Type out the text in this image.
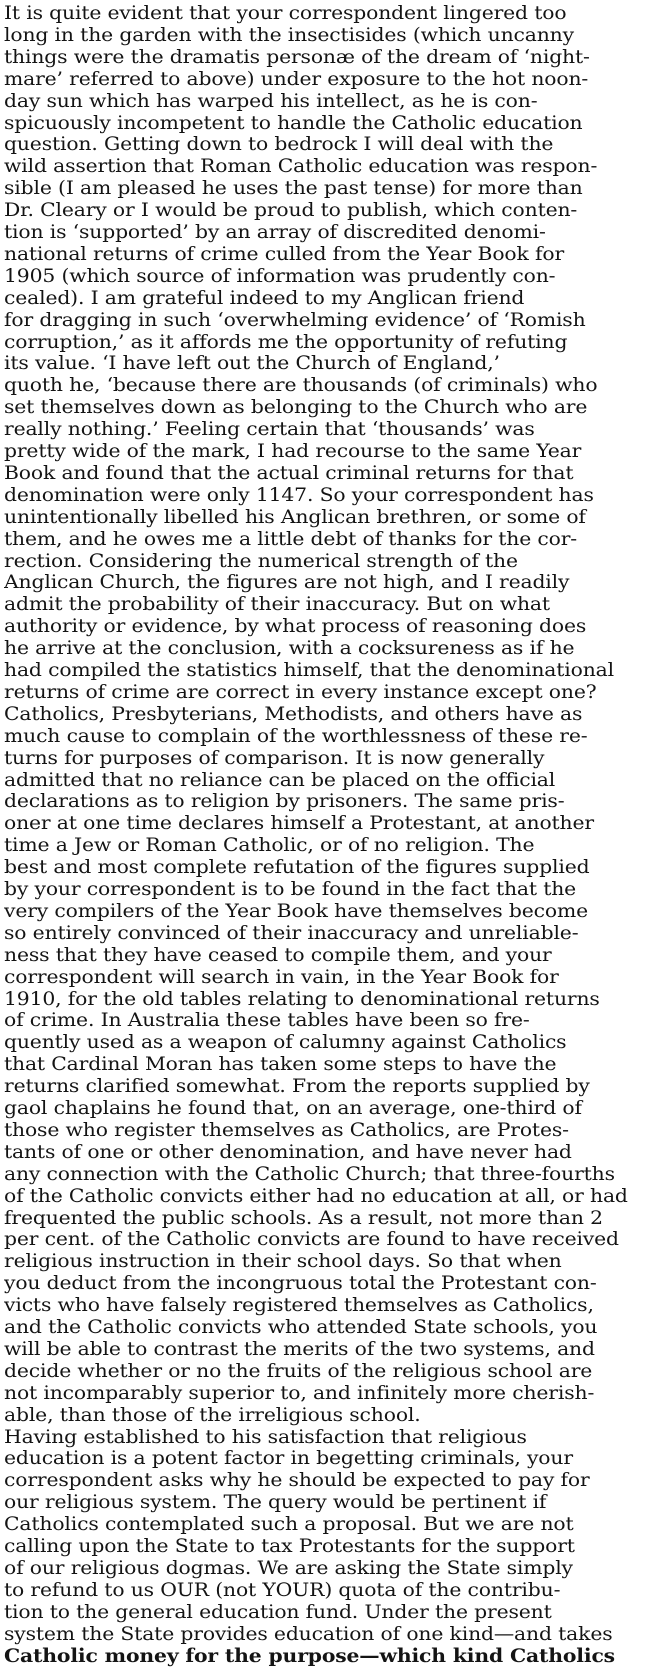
It is quite evident that your correspondent lingered too
long in the garden with the insectisides (which uncanny
things were the dramatis personæ of the dream of ‘night-
mare’ referred to above) under exposure to the hot noon-
day sun which has warped his intellect, as he is con-
spicuously incompetent to handle the Catholic education
question. Getting down to bedrock I will deal with the
wild assertion that Roman Catholic education was respon-
sible (I am pleased he uses the past tense) for more than
Dr. Cleary or I would be proud to publish, which conten-
tion is ‘supported’ by an array of discredited denomi-
national returns of crime culled from the Year Book for
1905 (which source of information was prudently con-
cealed). I am grateful indeed to my Anglican friend
for dragging in such ‘overwhelming evidence’ of ‘Romish
corruption,’ as it affords me the opportunity of refuting
its value. ‘I have left out the Church of England,’
quoth he, ‘because there are thousands (of criminals) who
set themselves down as belonging to the Church who are
really nothing.’ Feeling certain that ‘thousands’ was
pretty wide of the mark, I had recourse to the same Year
Book and found that the actual criminal returns for that
denomination were only 1147. So your correspondent has
unintentionally libelled his Anglican brethren, or some of
them, and he owes me a little debt of thanks for the cor-
rection. Considering the numerical strength of the
Anglican Church, the figures are not high, and I readily
admit the probability of their inaccuracy. But on what
authority or evidence, by what process of reasoning does
he arrive at the conclusion, with a cocksureness as if he
had compiled the statistics himself, that the denominational
returns of crime are correct in every instance except one?
Catholics, Presbyterians, Methodists, and others have as
much cause to complain of the worthlessness of these re-
turns for purposes of comparison. It is now generally
admitted that no reliance can be placed on the official
declarations as to religion by prisoners. The same pris-
oner at one time declares himself a Protestant, at another
time a Jew or Roman Catholic, or of no religion. The
best and most complete refutation of the figures supplied
by your correspondent is to be found in the fact that the
very compilers of the Year Book have themselves become
so entirely convinced of their inaccuracy and unreliable-
ness that they have ceased to compile them, and your
correspondent will search in vain, in the Year Book for
1910, for the old tables relating to denominational returns
of crime. In Australia these tables have been so fre-
quently used as a weapon of calumny against Catholics
that Cardinal Moran has taken some steps to have the
returns clarified somewhat. From the reports supplied by
gaol chaplains he found that, on an average, one-third of
those who register themselves as Catholics, are Protes-
tants of one or other denomination, and have never had
any connection with the Catholic Church; that three-fourths
of the Catholic convicts either had no education at all, or had
frequented the public schools. As a result, not more than 2
per cent. of the Catholic convicts are found to have received
religious instruction in their school days. So that when
you deduct from the incongruous total the Protestant con-
victs who have falsely registered themselves as Catholics,
and the Catholic convicts who attended State schools, you
will be able to contrast the merits of the two systems, and
decide whether or no the fruits of the religious school are
not incomparably superior to, and infinitely more cherish-
able, than those of the irreligious school.
Having established to his satisfaction that religious
education is a potent factor in begetting criminals, your
correspondent asks why he should be expected to pay for
our religious system. The query would be pertinent if
Catholics contemplated such a proposal. But we are not
calling upon the State to tax Protestants for the support
of our religious dogmas. We are asking the State simply
to refund to us OUR (not YOUR) quota of the contribu-
tion to the general education fund. Under the present
system the State provides education of one kind—and takes
Catholic money for the purpose—which kind Catholics
